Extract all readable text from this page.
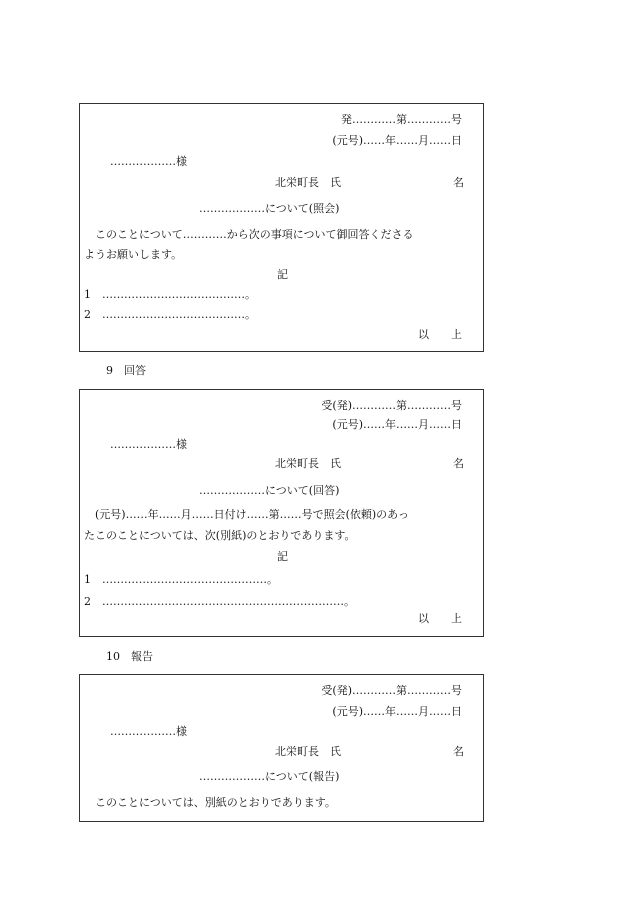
発…………第…………号
(元号)……年……月……日
………………様
北栄町長　氏	名
………………について(照会)
　このことについて…………から次の事項について御回答くださる
ようお願いします。
記
1　…………………………………。
2　…………………………………。
以　　上
9　回答
受(発)…………第…………号
(元号)……年……月……日
………………様
北栄町長　氏	名
………………について(回答)
　(元号)……年……月……日付け……第……号で照会(依頼)のあっ
たこのことについては、次(別紙)のとおりであります。
記
1　………………………………………。
2　…………………………………………………………。
以　　上
10　報告
受(発)…………第…………号
(元号)……年……月……日
………………様
北栄町長　氏	名
………………について(報告)
　このことについては、別紙のとおりであります。
